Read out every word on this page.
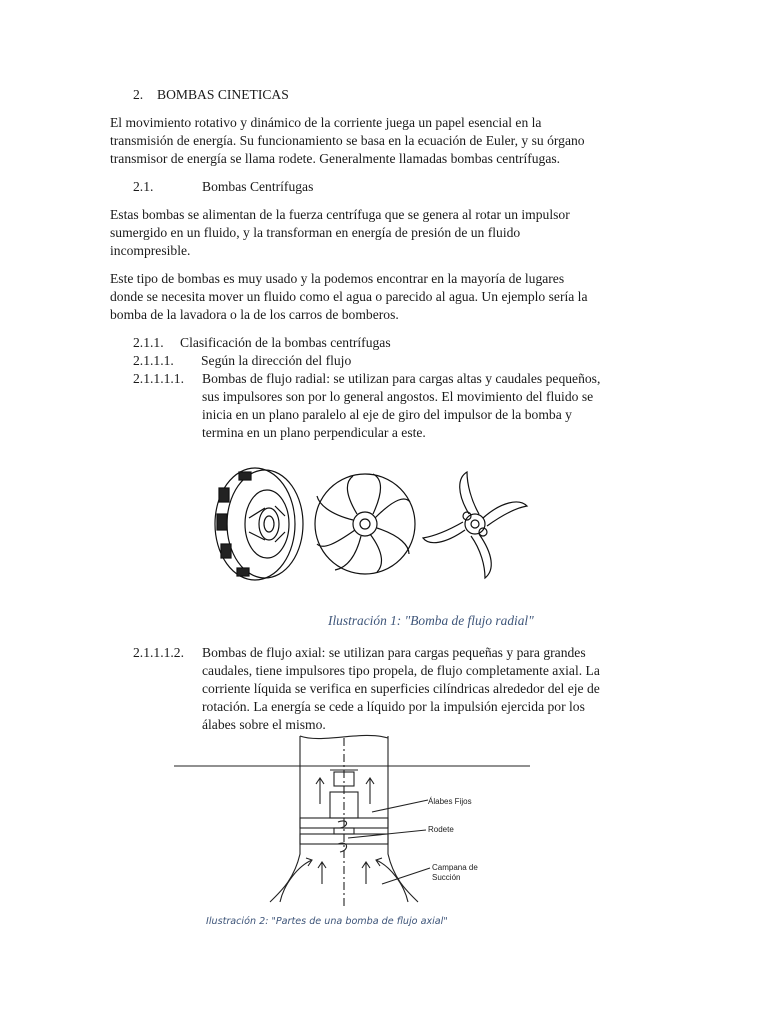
2. BOMBAS CINETICAS
El movimiento rotativo y dinámico de la corriente juega un papel esencial en la
transmisión de energía. Su funcionamiento se basa en la ecuación de Euler, y su órgano
transmisor de energía se llama rodete. Generalmente llamadas bombas centrífugas.
2.1.	Bombas Centrífugas
Estas bombas se alimentan de la fuerza centrífuga que se genera al rotar un impulsor
sumergido en un fluido, y la transforman en energía de presión de un fluido
incompresible.
Este tipo de bombas es muy usado y la podemos encontrar en la mayoría de lugares
donde se necesita mover un fluido como el agua o parecido al agua. Un ejemplo sería la
bomba de la lavadora o la de los carros de bomberos.
2.1.1. Clasificación de la bombas centrífugas
2.1.1.1. Según la dirección del flujo
2.1.1.1.1. Bombas de flujo radial: se utilizan para cargas altas y caudales pequeños,
sus impulsores son por lo general angostos. El movimiento del fluido se
inicia en un plano paralelo al eje de giro del impulsor de la bomba y
termina en un plano perpendicular a este.
Ilustración 1: "Bomba de flujo radial"
2.1.1.1.2. Bombas de flujo axial: se utilizan para cargas pequeñas y para grandes
caudales, tiene impulsores tipo propela, de flujo completamente axial. La
corriente líquida se verifica en superficies cilíndricas alrededor del eje de
rotación. La energía se cede a líquido por la impulsión ejercida por los
álabes sobre el mismo.
Álabes Fijos
Rodete
Campana de
Succión
Ilustración 2: "Partes de una bomba de flujo axial"
